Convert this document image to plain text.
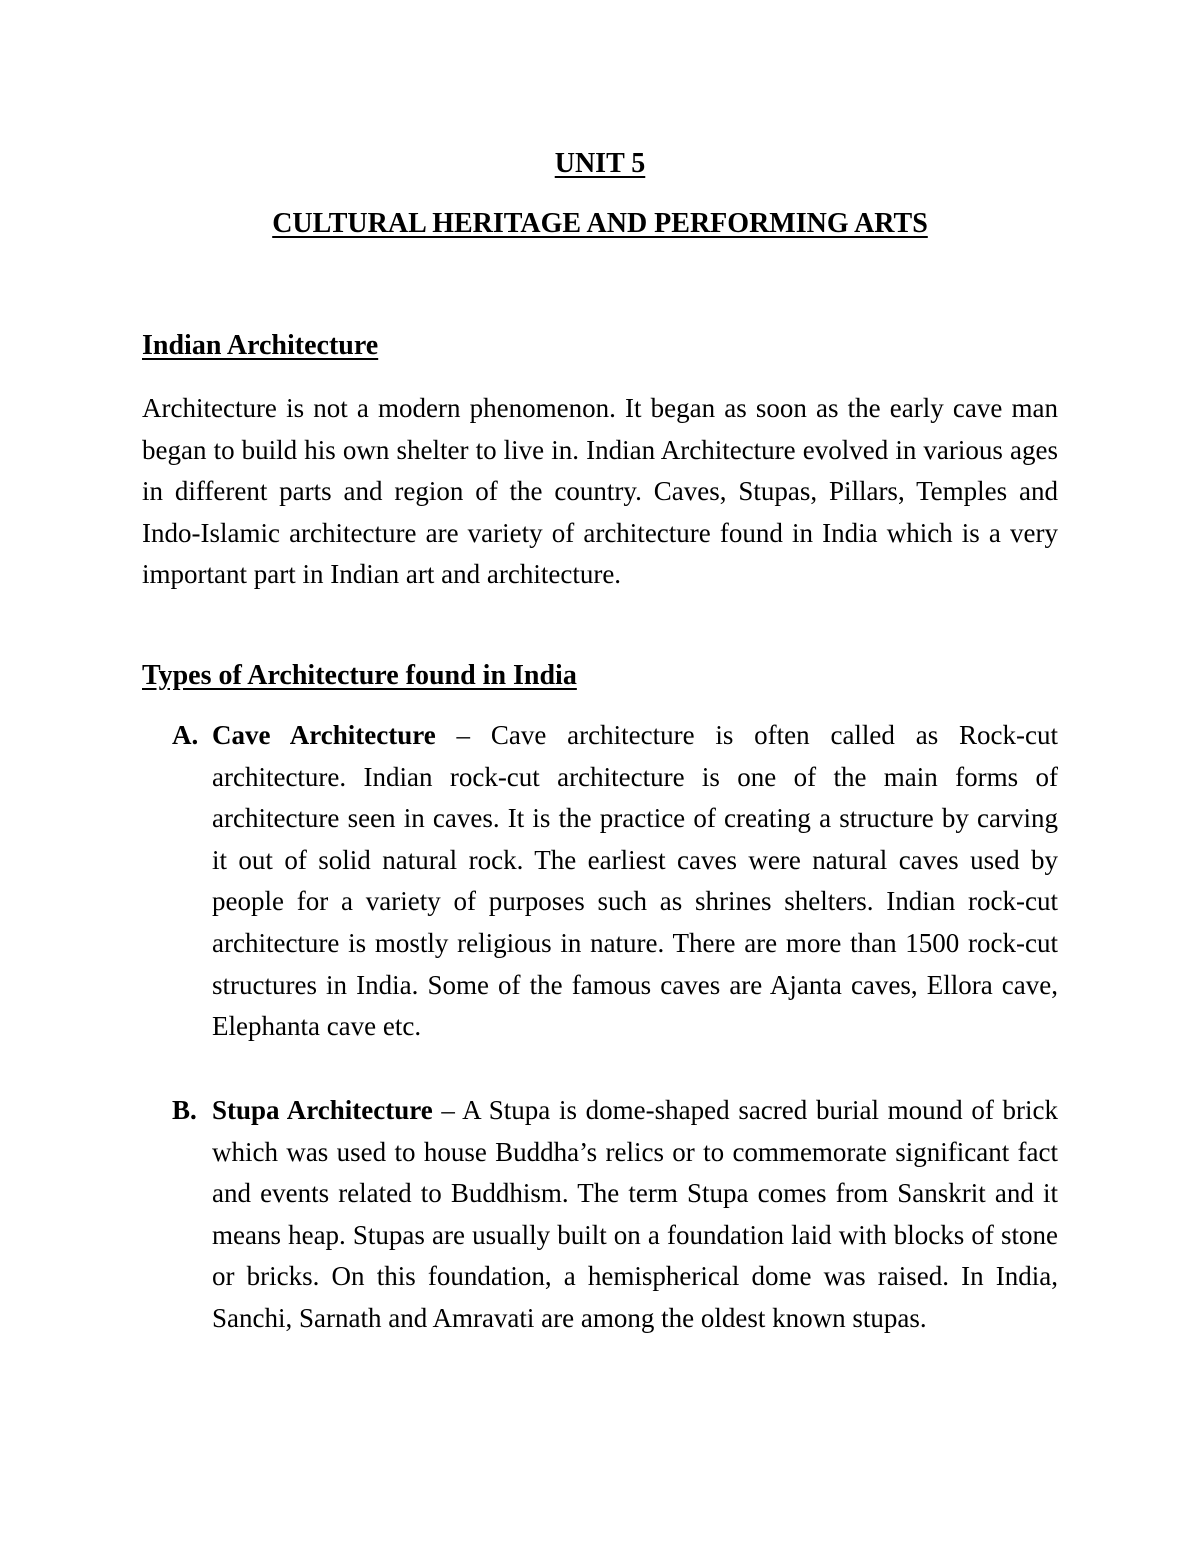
UNIT 5

CULTURAL HERITAGE AND PERFORMING ARTS

Indian Architecture

Architecture is not a modern phenomenon. It began as soon as the early cave man began to build his own shelter to live in. Indian Architecture evolved in various ages in different parts and region of the country. Caves, Stupas, Pillars, Temples and Indo-Islamic architecture are variety of architecture found in India which is a very important part in Indian art and architecture.

Types of Architecture found in India

A. Cave Architecture – Cave architecture is often called as Rock-cut architecture. Indian rock-cut architecture is one of the main forms of architecture seen in caves. It is the practice of creating a structure by carving it out of solid natural rock. The earliest caves were natural caves used by people for a variety of purposes such as shrines shelters. Indian rock-cut architecture is mostly religious in nature. There are more than 1500 rock-cut structures in India. Some of the famous caves are Ajanta caves, Ellora cave, Elephanta cave etc.
B. Stupa Architecture – A Stupa is dome-shaped sacred burial mound of brick which was used to house Buddha’s relics or to commemorate significant fact and events related to Buddhism. The term Stupa comes from Sanskrit and it means heap. Stupas are usually built on a foundation laid with blocks of stone or bricks. On this foundation, a hemispherical dome was raised. In India, Sanchi, Sarnath and Amravati are among the oldest known stupas.
